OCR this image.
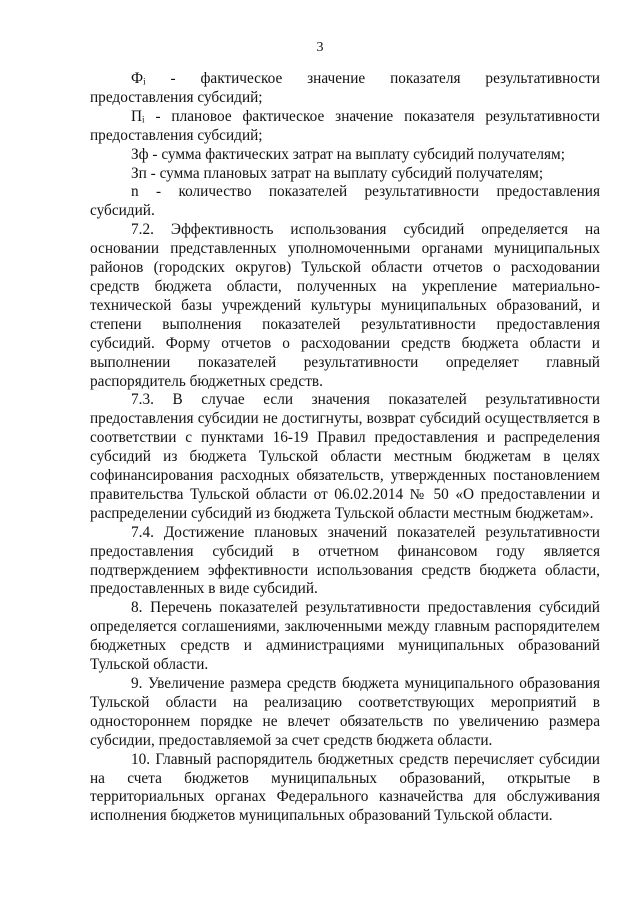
3

Фᵢ - фактическое значение показателя результативности предоставления субсидий;

Пᵢ - плановое фактическое значение показателя результативности предоставления субсидий;

Зф - сумма фактических затрат на выплату субсидий получателям;

Зп - сумма плановых затрат на выплату субсидий получателям;

n - количество показателей результативности предоставления субсидий.

7.2. Эффективность использования субсидий определяется на основании представленных уполномоченными органами муниципальных районов (городских округов) Тульской области отчетов о расходовании средств бюджета области, полученных на укрепление материально-технической базы учреждений культуры муниципальных образований, и степени выполнения показателей результативности предоставления субсидий. Форму отчетов о расходовании средств бюджета области и выполнении показателей результативности определяет главный распорядитель бюджетных средств.

7.3. В случае если значения показателей результативности предоставления субсидии не достигнуты, возврат субсидий осуществляется в соответствии с пунктами 16-19 Правил предоставления и распределения субсидий из бюджета Тульской области местным бюджетам в целях софинансирования расходных обязательств, утвержденных постановлением правительства Тульской области от 06.02.2014 № 50 «О предоставлении и распределении субсидий из бюджета Тульской области местным бюджетам».

7.4. Достижение плановых значений показателей результативности предоставления субсидий в отчетном финансовом году является подтверждением эффективности использования средств бюджета области, предоставленных в виде субсидий.

8. Перечень показателей результативности предоставления субсидий определяется соглашениями, заключенными между главным распорядителем бюджетных средств и администрациями муниципальных образований Тульской области.

9. Увеличение размера средств бюджета муниципального образования Тульской области на реализацию соответствующих мероприятий в одностороннем порядке не влечет обязательств по увеличению размера субсидии, предоставляемой за счет средств бюджета области.

10. Главный распорядитель бюджетных средств перечисляет субсидии на счета бюджетов муниципальных образований, открытые в территориальных органах Федерального казначейства для обслуживания исполнения бюджетов муниципальных образований Тульской области.
